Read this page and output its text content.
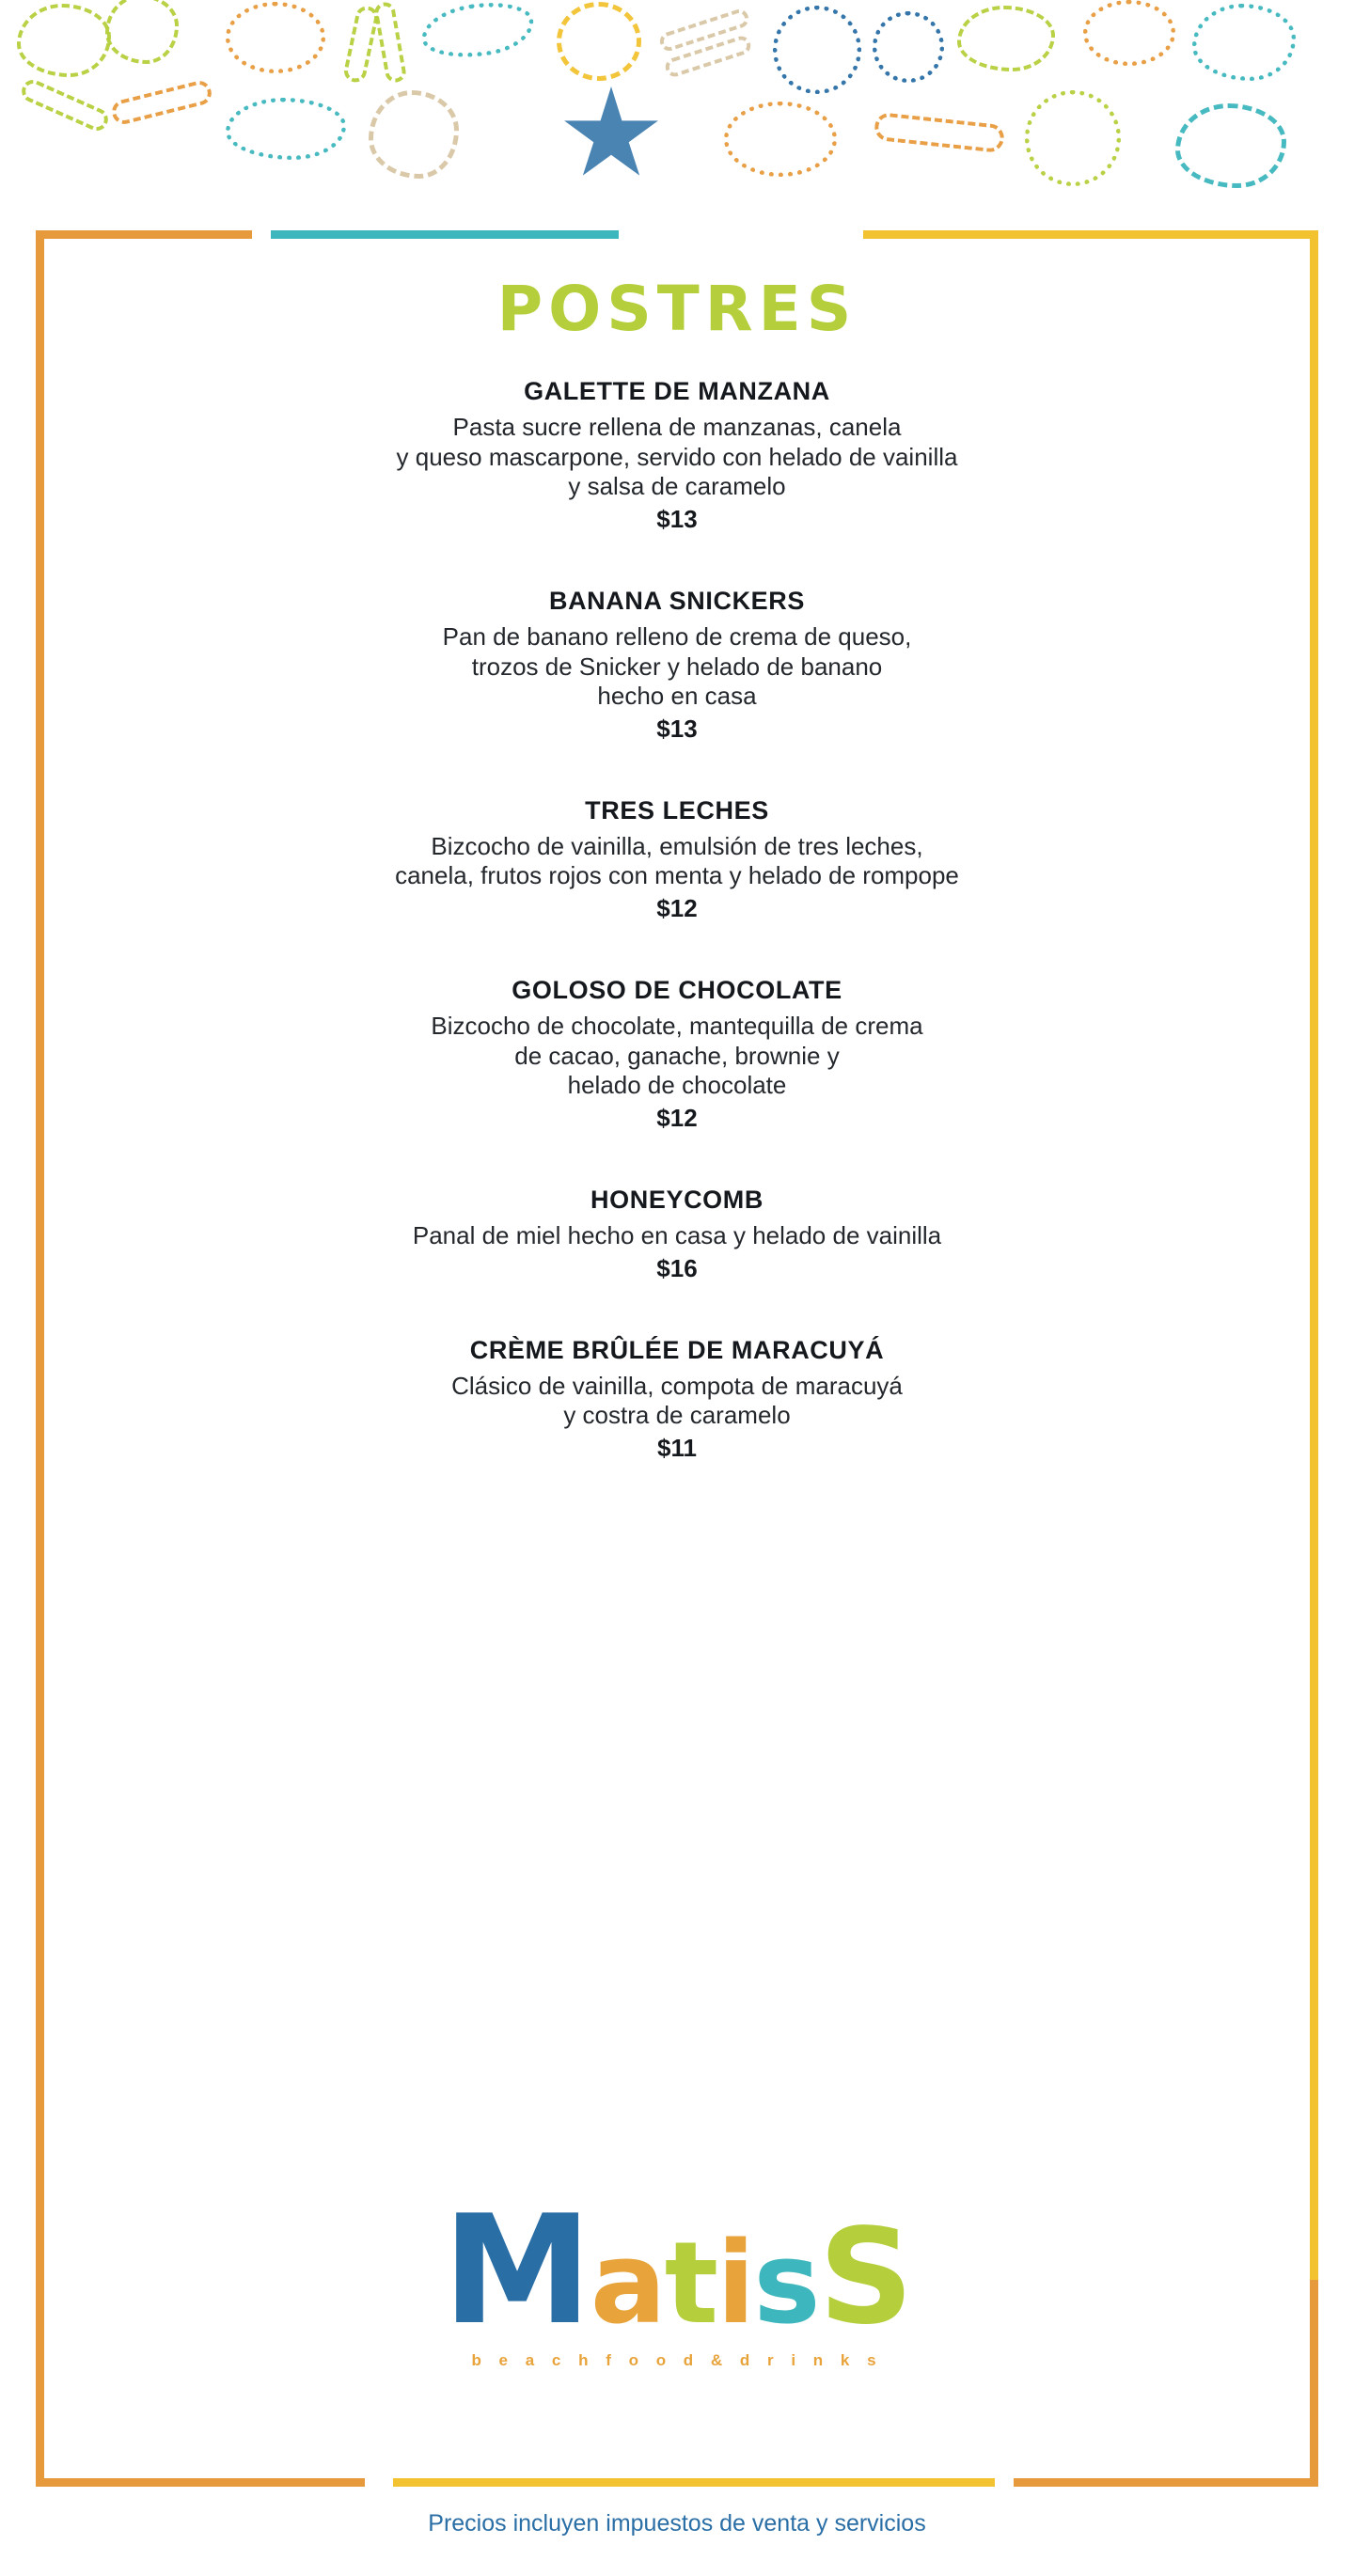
POSTRES
GALETTE DE MANZANA
Pasta sucre rellena de manzanas, canela
y queso mascarpone, servido con helado de vainilla
y salsa de caramelo
$13
BANANA SNICKERS
Pan de banano relleno de crema de queso,
trozos de Snicker y helado de banano
hecho en casa
$13
TRES LECHES
Bizcocho de vainilla, emulsión de tres leches,
canela, frutos rojos con menta y helado de rompope
$12
GOLOSO DE CHOCOLATE
Bizcocho de chocolate, mantequilla de crema
de cacao, ganache, brownie y
helado de chocolate
$12
HONEYCOMB
Panal de miel hecho en casa y helado de vainilla
$16
CRÈME BRÛLÉE DE MARACUYÁ
Clásico de vainilla, compota de maracuyá
y costra de caramelo
$11
MatisS
b e a c h f o o d & d r i n k s
Precios incluyen impuestos de venta y servicios
